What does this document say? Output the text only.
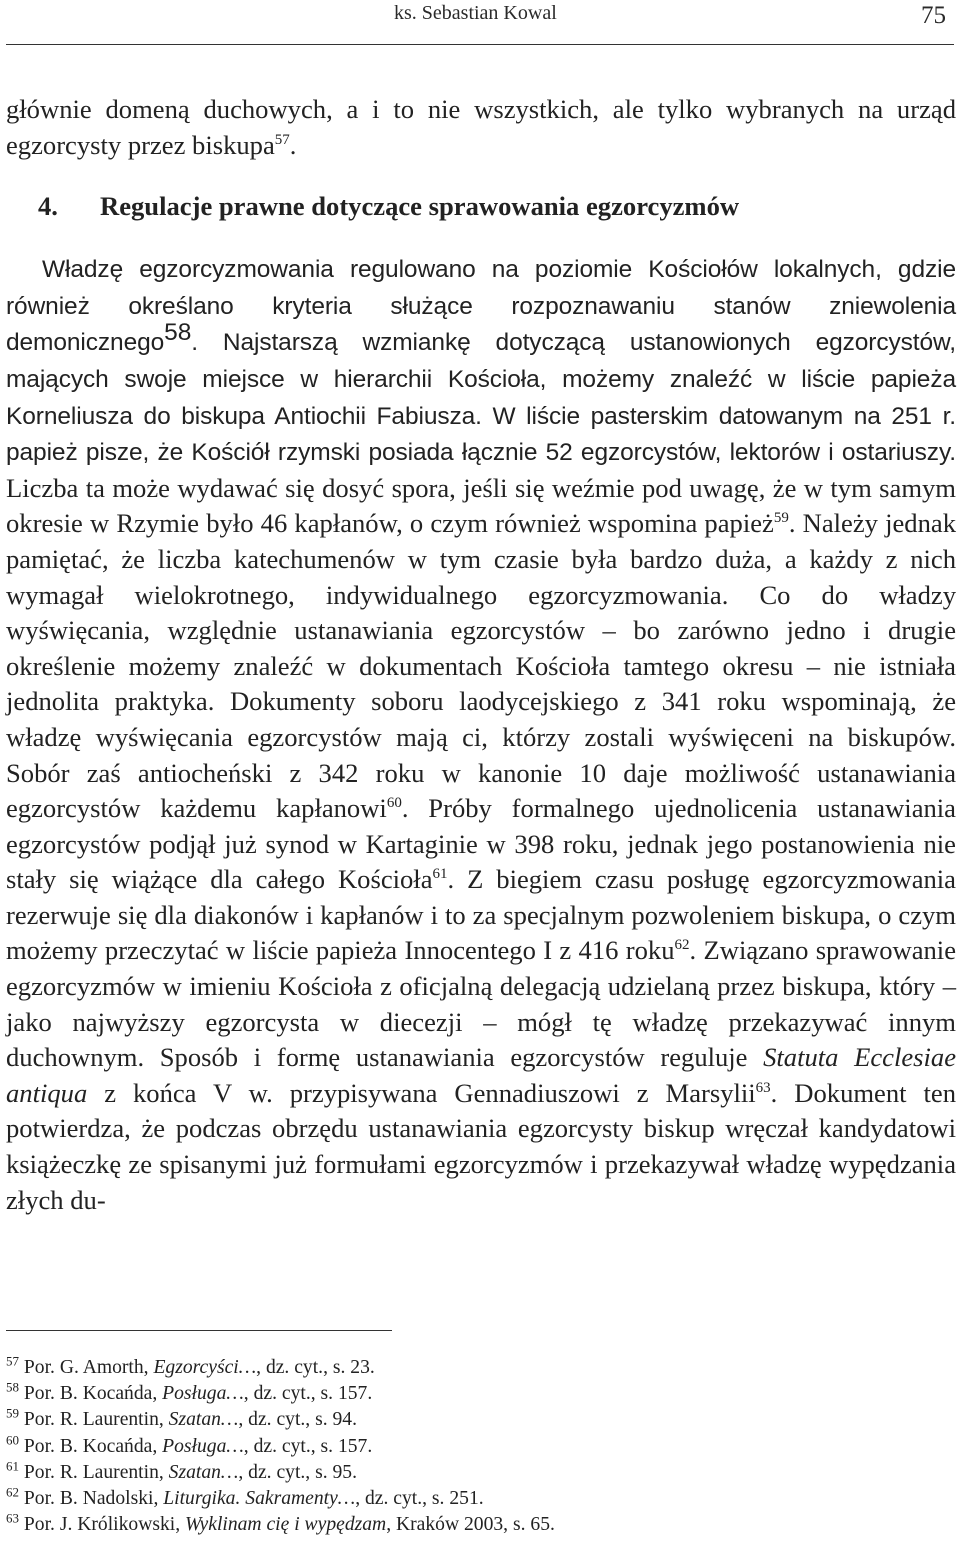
ks. Sebastian Kowal	75

głównie domeną duchowych, a i to nie wszystkich, ale tylko wybranych na urząd egzorcysty przez biskupa$^{57}$.

4. Regulacje prawne dotyczące sprawowania egzorcyzmów

Władzę egzorcyzmowania regulowano na poziomie Kościołów lokalnych, gdzie również określano kryteria służące rozpoznawaniu stanów zniewolenia demonicznego$^{58}$. Najstarszą wzmiankę dotyczącą ustanowionych egzorcystów, mających swoje miejsce w hierarchii Kościoła, możemy znaleźć w liście papieża Korneliusza do biskupa Antiochii Fabiusza. W liście pasterskim datowanym na 251 r. papież pisze, że Kościół rzymski posiada łącznie 52 egzorcystów, lektorów i ostariuszy. Liczba ta może wydawać się dosyć spora, jeśli się weźmie pod uwagę, że w tym samym okresie w Rzymie było 46 kapłanów, o czym również wspomina papież$^{59}$. Należy jednak pamiętać, że liczba katechumenów w tym czasie była bardzo duża, a każdy z nich wymagał wielokrotnego, indywidualnego egzorcyzmowania. Co do władzy wyświęcania, względnie ustanawiania egzorcystów – bo zarówno jedno i drugie określenie możemy znaleźć w dokumentach Kościoła tamtego okresu – nie istniała jednolita praktyka. Dokumenty soboru laodycejskiego z 341 roku wspominają, że władzę wyświęcania egzorcystów mają ci, którzy zostali wyświęceni na biskupów. Sobór zaś antiocheński z 342 roku w kanonie 10 daje możliwość ustanawiania egzorcystów każdemu kapłanowi$^{60}$. Próby formalnego ujednolicenia ustanawiania egzorcystów podjął już synod w Kartaginie w 398 roku, jednak jego postanowienia nie stały się wiążące dla całego Kościoła$^{61}$. Z biegiem czasu posługę egzorcyzmowania rezerwuje się dla diakonów i kapłanów i to za specjalnym pozwoleniem biskupa, o czym możemy przeczytać w liście papieża Innocentego I z 416 roku$^{62}$. Związano sprawowanie egzorcyzmów w imieniu Kościoła z oficjalną delegacją udzielaną przez biskupa, który – jako najwyższy egzorcysta w diecezji – mógł tę władzę przekazywać innym duchownym. Sposób i formę ustanawiania egzorcystów reguluje Statuta Ecclesiae antiqua z końca V w. przypisywana Gennadiuszowi z Marsylii$^{63}$. Dokument ten potwierdza, że podczas obrzędu ustanawiania egzorcysty biskup wręczał kandydatowi książeczkę ze spisanymi już formułami egzorcyzmów i przekazywał władzę wypędzania złych du-

$^{57}$ Por. G. Amorth, Egzorcyści…, dz. cyt., s. 23.

$^{58}$ Por. B. Kocańda, Posługa…, dz. cyt., s. 157.

$^{59}$ Por. R. Laurentin, Szatan…, dz. cyt., s. 94.

$^{60}$ Por. B. Kocańda, Posługa…, dz. cyt., s. 157.

$^{61}$ Por. R. Laurentin, Szatan…, dz. cyt., s. 95.

$^{62}$ Por. B. Nadolski, Liturgika. Sakramenty…, dz. cyt., s. 251.

$^{63}$ Por. J. Królikowski, Wyklinam cię i wypędzam, Kraków 2003, s. 65.
